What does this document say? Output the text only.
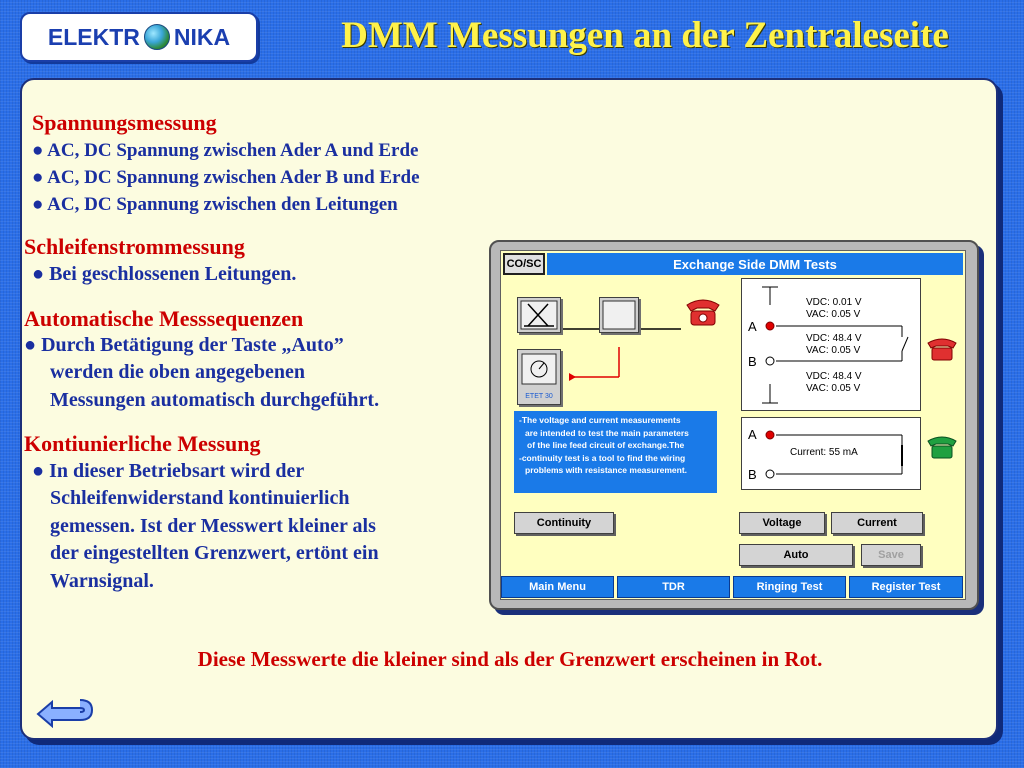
ELEKTR NIKA	DMM Messungen an der Zentraleseite
Spannungsmessung
● AC, DC Spannung zwischen Ader A und Erde
● AC, DC Spannung zwischen Ader B und Erde
● AC, DC Spannung zwischen den Leitungen
Schleifenstrommessung
● Bei geschlossenen Leitungen.
Automatische Messsequenzen
● Durch Betätigung der Taste „Auto”
werden die oben angegebenen
Messungen automatisch durchgeführt.
Kontiunierliche Messung
● In dieser Betriebsart wird der
Schleifenwiderstand kontinuierlich
gemessen. Ist der Messwert kleiner als
der eingestellten Grenzwert, ertönt ein
Warnsignal.
CO/SC	Exchange Side DMM Tests
ETET 30
-The voltage and current measurements
are intended to test the main parameters
of the line feed circuit of exchange.The
-continuity test is a tool to find the wiring
problems with resistance measurement.
A
B
VDC: 0.01 V
VAC: 0.05 V
VDC: 48.4 V
VAC: 0.05 V
VDC: 48.4 V
VAC: 0.05 V
A
B
Current: 55 mA
Continuity	Voltage	Current
Auto	Save
Main Menu	TDR	Ringing Test	Register Test
Diese Messwerte die kleiner sind als der Grenzwert erscheinen in Rot.
